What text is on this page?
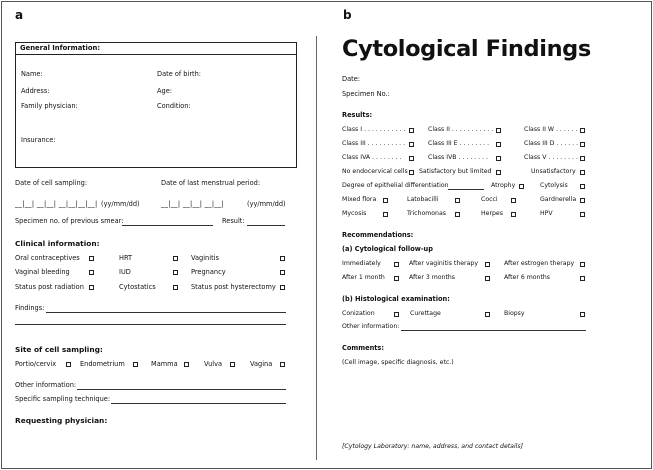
a
General Information:
Name:	Date of birth:
Address:	Age:
Family physician:	Condition:
Insurance:
Date of cell sampling:	Date of last menstrual period:
__|__| __|__| __|__|__|__| (yy/mm/dd)	__|__| __|__| __|__|	(yy/mm/dd)
Specimen no. of previous smear:	Result:
Clinical information:
Oral contraceptives	HRT	Vaginitis
Vaginal bleeding	IUD	Pregnancy
Status post radiation	Cytostatics	Status post hysterectomy
Findings:
Site of cell sampling:
Portio/cervix	Endometrium	Mamma	Vulva	Vagina
Other information:
Specific sampling technique:
Requesting physician:
b
Cytological Findings
Date:
Specimen No.:
Results:
Class I . . . . . . . . . . .	Class II . . . . . . . . . . .	Class II W . . . . . .
Class III . . . . . . . . . .	Class III E . . . . . . . .	Class III D . . . . . .
Class IVA . . . . . . . .	Class IVB . . . . . . . .	Class V . . . . . . . . .
No endocervical cells Satisfactory but limited	Unsatisfactory
Degree of epithelial differentiation	Atrophy	Cytolysis
Mixed flora	Latobacilli	Cocci	Gardnerella
Mycosis	Trichomonas	Herpes	HPV
Recommendations:
(a) Cytological follow-up
Immediately	After vaginitis therapy	After estrogen therapy
After 1 month	After 3 months	After 6 months
(b) Histological examination:
Conization	Curettage	Biopsy
Other information:
Comments:
(Cell image, specific diagnosis, etc.)
[Cytology Laboratory: name, address, and contact details]
